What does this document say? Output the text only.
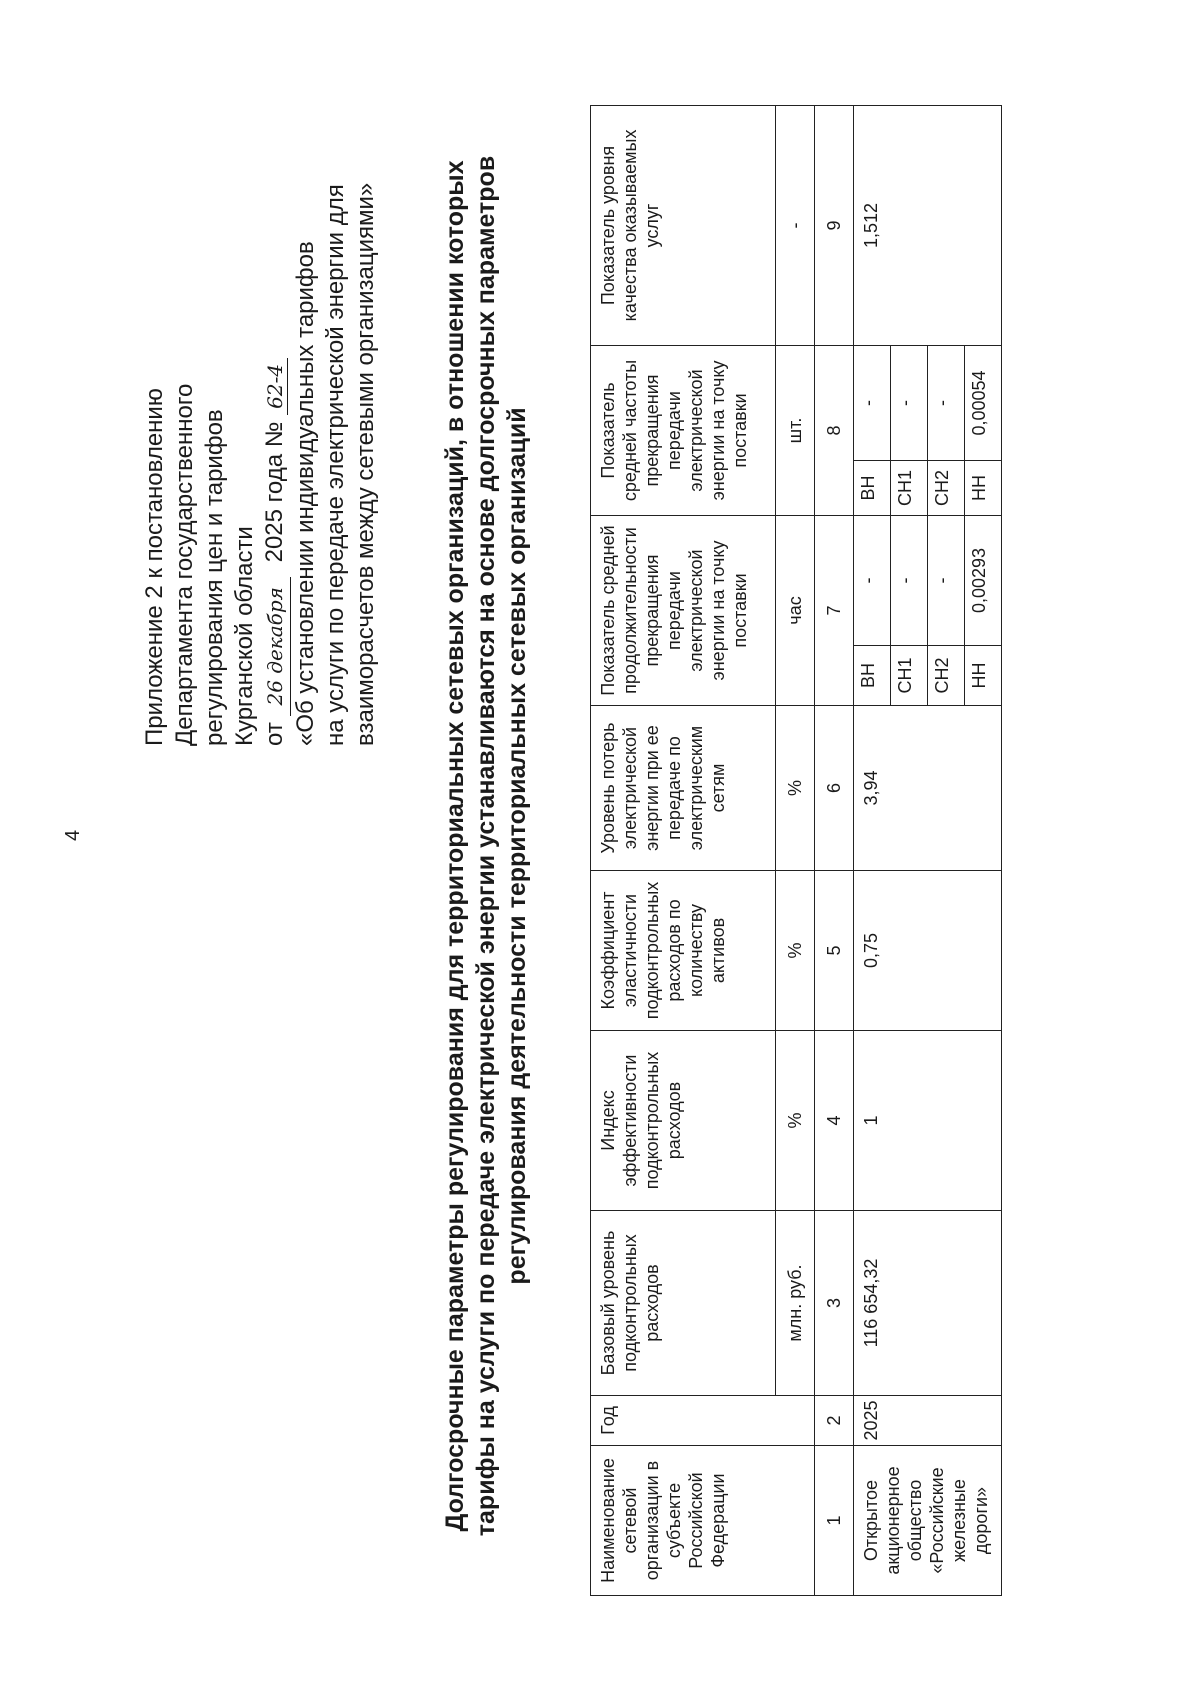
4
Приложение 2 к постановлению Департамента государственного регулирования цен и тарифов Курганской области от 26 декабря 2025 года № 62-4 «Об установлении индивидуальных тарифов на услуги по передаче электрической энергии для взаиморасчетов между сетевыми организациями» Долгосрочные параметры регулирования для территориальных сетевых организаций, в отношении которых тарифы на услуги по передаче электрической энергии устанавливаются на основе долгосрочных параметров регулирования деятельности территориальных сетевых организаций
Наименование сетевой организации в субъекте Российской Федерации	Год	Базовый уровень подконтрольных расходов	Индекс эффективности подконтрольных расходов	Коэффициент эластичности подконтрольных расходов по количеству активов	Уровень потерь электрической энергии при ее передаче по электрическим сетям	Показатель средней продолжительности прекращения передачи электрической энергии на точку поставки		Показатель средней частоты прекращения передачи электрической энергии на точку поставки		Показатель уровня качества оказываемых услуг
		млн. руб.	%	%	%	час		шт.		-
1	2	3	4	5	6	7		8		9
Открытое акционерное общество «Российские железные дороги»	2025	116 654,32	1	0,75	3,94	ВН	-	ВН	-	1,512
						СН1	-	СН1	-	
						СН2	-	СН2	-	
						НН	0,00293	НН	0,00054	
